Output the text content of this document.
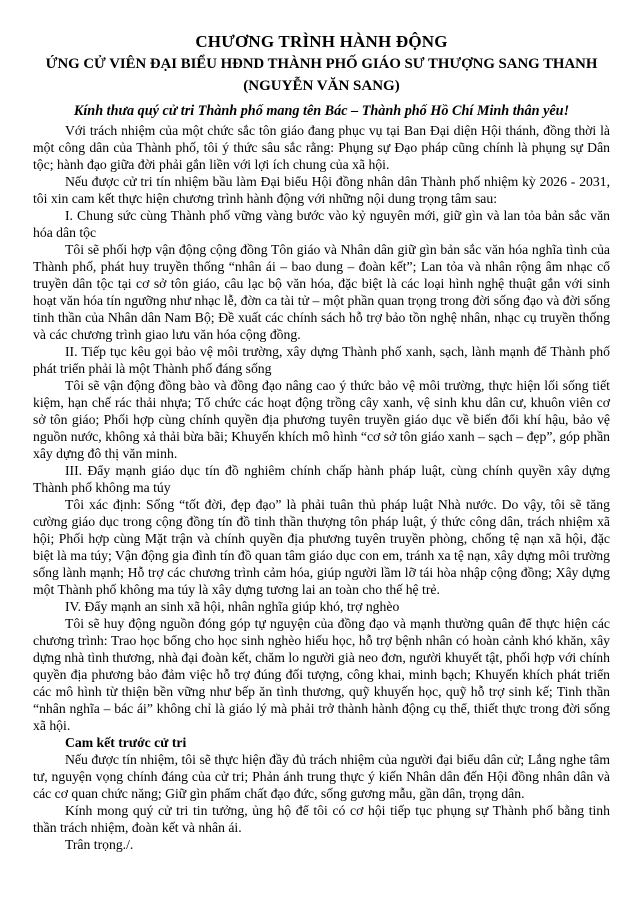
CHƯƠNG TRÌNH HÀNH ĐỘNG
ỨNG CỬ VIÊN ĐẠI BIỂU HĐND THÀNH PHỐ GIÁO SƯ THƯỢNG SANG THANH
(NGUYỄN VĂN SANG)

Kính thưa quý cử tri Thành phố mang tên Bác – Thành phố Hồ Chí Minh thân yêu!

Với trách nhiệm của một chức sắc tôn giáo đang phục vụ tại Ban Đại diện Hội thánh, đồng thời là một công dân của Thành phố, tôi ý thức sâu sắc rằng: Phụng sự Đạo pháp cũng chính là phụng sự Dân tộc; hành đạo giữa đời phải gắn liền với lợi ích chung của xã hội.

Nếu được cử tri tín nhiệm bầu làm Đại biểu Hội đồng nhân dân Thành phố nhiệm kỳ 2026 - 2031, tôi xin cam kết thực hiện chương trình hành động với những nội dung trọng tâm sau:

I. Chung sức cùng Thành phố vững vàng bước vào kỷ nguyên mới, giữ gìn và lan tỏa bản sắc văn hóa dân tộc

Tôi sẽ phối hợp vận động cộng đồng Tôn giáo và Nhân dân giữ gìn bản sắc văn hóa nghĩa tình của Thành phố, phát huy truyền thống “nhân ái – bao dung – đoàn kết”; Lan tỏa và nhân rộng âm nhạc cổ truyền dân tộc tại cơ sở tôn giáo, câu lạc bộ văn hóa, đặc biệt là các loại hình nghệ thuật gắn với sinh hoạt văn hóa tín ngưỡng như nhạc lễ, đờn ca tài tử – một phần quan trọng trong đời sống đạo và đời sống tinh thần của Nhân dân Nam Bộ; Đề xuất các chính sách hỗ trợ bảo tồn nghệ nhân, nhạc cụ truyền thống và các chương trình giao lưu văn hóa cộng đồng.

II. Tiếp tục kêu gọi bảo vệ môi trường, xây dựng Thành phố xanh, sạch, lành mạnh để Thành phố phát triển phải là một Thành phố đáng sống

Tôi sẽ vận động đồng bào và đồng đạo nâng cao ý thức bảo vệ môi trường, thực hiện lối sống tiết kiệm, hạn chế rác thải nhựa; Tổ chức các hoạt động trồng cây xanh, vệ sinh khu dân cư, khuôn viên cơ sở tôn giáo; Phối hợp cùng chính quyền địa phương tuyên truyền giáo dục về biến đổi khí hậu, bảo vệ nguồn nước, không xả thải bừa bãi; Khuyến khích mô hình “cơ sở tôn giáo xanh – sạch – đẹp”, góp phần xây dựng đô thị văn minh.

III. Đẩy mạnh giáo dục tín đồ nghiêm chính chấp hành pháp luật, cùng chính quyền xây dựng Thành phố không ma túy

Tôi xác định: Sống “tốt đời, đẹp đạo” là phải tuân thủ pháp luật Nhà nước. Do vậy, tôi sẽ tăng cường giáo dục trong cộng đồng tín đồ tinh thần thượng tôn pháp luật, ý thức công dân, trách nhiệm xã hội; Phối hợp cùng Mặt trận và chính quyền địa phương tuyên truyền phòng, chống tệ nạn xã hội, đặc biệt là ma túy; Vận động gia đình tín đồ quan tâm giáo dục con em, tránh xa tệ nạn, xây dựng môi trường sống lành mạnh; Hỗ trợ các chương trình cảm hóa, giúp người lầm lỡ tái hòa nhập cộng đồng; Xây dựng một Thành phố không ma túy là xây dựng tương lai an toàn cho thế hệ trẻ.

IV. Đẩy mạnh an sinh xã hội, nhân nghĩa giúp khó, trợ nghèo

Tôi sẽ huy động nguồn đóng góp tự nguyện của đồng đạo và mạnh thường quân để thực hiện các chương trình: Trao học bổng cho học sinh nghèo hiếu học, hỗ trợ bệnh nhân có hoàn cảnh khó khăn, xây dựng nhà tình thương, nhà đại đoàn kết, chăm lo người già neo đơn, người khuyết tật, phối hợp với chính quyền địa phương bảo đảm việc hỗ trợ đúng đối tượng, công khai, minh bạch; Khuyến khích phát triển các mô hình từ thiện bền vững như bếp ăn tình thương, quỹ khuyến học, quỹ hỗ trợ sinh kế; Tinh thần “nhân nghĩa – bác ái” không chỉ là giáo lý mà phải trở thành hành động cụ thể, thiết thực trong đời sống xã hội.

Cam kết trước cử tri

Nếu được tín nhiệm, tôi sẽ thực hiện đầy đủ trách nhiệm của người đại biểu dân cử; Lắng nghe tâm tư, nguyện vọng chính đáng của cử tri; Phản ánh trung thực ý kiến Nhân dân đến Hội đồng nhân dân và các cơ quan chức năng; Giữ gìn phẩm chất đạo đức, sống gương mẫu, gần dân, trọng dân.

Kính mong quý cử tri tin tưởng, ủng hộ để tôi có cơ hội tiếp tục phụng sự Thành phố bằng tinh thần trách nhiệm, đoàn kết và nhân ái.

Trân trọng./.
